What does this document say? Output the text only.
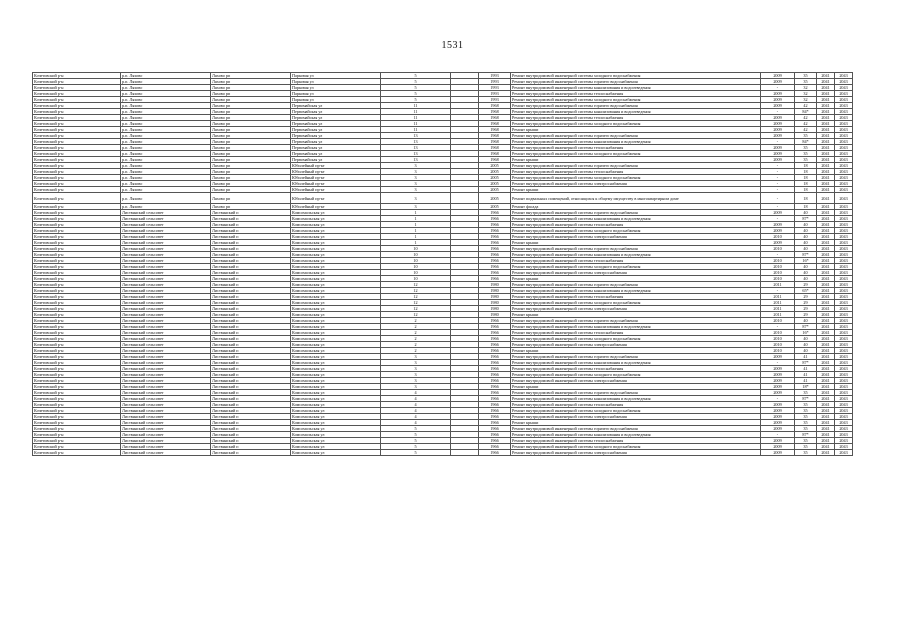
1531
Кочетовский р-н	р.п. Ляхово	Ляхово рп	Парковая ул	5		1993	Ремонт внутридомовой инженерной системы холодного водоснабжения	2009	35	2041	2043
Кочетовский р-н	р.п. Ляхово	Ляхово рп	Парковая ул	5		1993	Ремонт внутридомовой инженерной системы горячего водоснабжения	2009	35	2041	2043
Кочетовский р-н	р.п. Ляхово	Ляхово рп	Парковая ул	5		1993	Ремонт внутридомовой инженерной системы канализования и водоотведения	-	32	2041	2043
Кочетовский р-н	р.п. Ляхово	Ляхово рп	Парковая ул	5		1993	Ремонт внутридомовой инженерной системы теплоснабжения	2009	32	2041	2043
Кочетовский р-н	р.п. Ляхово	Ляхово рп	Парковая ул	5		1993	Ремонт внутридомовой инженерной системы холодного водоснабжения	2009	32	2041	2043
Кочетовский р-н	р.п. Ляхово	Ляхово рп	Первомайская ул	11		1968	Ремонт внутридомовой инженерной системы горячего водоснабжения	2009	42	2041	2043
Кочетовский р-н	р.п. Ляхово	Ляхово рп	Первомайская ул	11		1968	Ремонт внутридомовой инженерной системы канализования и водоотведения	-	84*	2041	2043
Кочетовский р-н	р.п. Ляхово	Ляхово рп	Первомайская ул	11		1968	Ремонт внутридомовой инженерной системы теплоснабжения	2009	42	2041	2043
Кочетовский р-н	р.п. Ляхово	Ляхово рп	Первомайская ул	11		1968	Ремонт внутридомовой инженерной системы холодного водоснабжения	2009	42	2041	2043
Кочетовский р-н	р.п. Ляхово	Ляхово рп	Первомайская ул	11		1968	Ремонт крыши	2009	42	2041	2043
Кочетовский р-н	р.п. Ляхово	Ляхово рп	Первомайская ул	13		1968	Ремонт внутридомовой инженерной системы горячего водоснабжения	2009	35	2041	2043
Кочетовский р-н	р.п. Ляхово	Ляхово рп	Первомайская ул	13		1968	Ремонт внутридомовой инженерной системы канализования и водоотведения	-	84*	2041	2043
Кочетовский р-н	р.п. Ляхово	Ляхово рп	Первомайская ул	13		1968	Ремонт внутридомовой инженерной системы теплоснабжения	2009	35	2041	2043
Кочетовский р-н	р.п. Ляхово	Ляхово рп	Первомайская ул	13		1968	Ремонт внутридомовой инженерной системы холодного водоснабжения	2009	35	2041	2043
Кочетовский р-н	р.п. Ляхово	Ляхово рп	Первомайская ул	13		1968	Ремонт крыши	2009	35	2041	2043
Кочетовский р-н	р.п. Ляхово	Ляхово рп	Юбилейный пр-кт	3		2005	Ремонт внутридомовой инженерной системы горячего водоснабжения	-	18	2041	2043
Кочетовский р-н	р.п. Ляхово	Ляхово рп	Юбилейный пр-кт	3		2005	Ремонт внутридомовой инженерной системы теплоснабжения	-	18	2041	2043
Кочетовский р-н	р.п. Ляхово	Ляхово рп	Юбилейный пр-кт	3		2005	Ремонт внутридомовой инженерной системы холодного водоснабжения	-	18	2041	2043
Кочетовский р-н	р.п. Ляхово	Ляхово рп	Юбилейный пр-кт	3		2005	Ремонт внутридомовой инженерной системы электроснабжения	-	18	2041	2043
Кочетовский р-н	р.п. Ляхово	Ляхово рп	Юбилейный пр-кт	3		2005	Ремонт крыши	-	18	2041	2043
Кочетовский р-н	р.п. Ляхово	Ляхово рп	Юбилейный пр-кт	3		2005	Ремонт подвальных помещений, относящихся к общему имуществу в многоквартирном доме	-	18	2041	2043
Кочетовский р-н	р.п. Ляхово	Ляхово рп	Юбилейный пр-кт	3		2005	Ремонт фасада	-	18	2041	2043
Кочетовский р-н	Листвянский сельсовет	Листвянский п	Комсомольская ул	1		1966	Ремонт внутридомовой инженерной системы горячего водоснабжения	2009	40	2041	2043
Кочетовский р-н	Листвянский сельсовет	Листвянский п	Комсомольская ул	1		1966	Ремонт внутридомовой инженерной системы канализования и водоотведения	-	87*	2041	2043
Кочетовский р-н	Листвянский сельсовет	Листвянский п	Комсомольская ул	1		1966	Ремонт внутридомовой инженерной системы теплоснабжения	2009	40	2041	2043
Кочетовский р-н	Листвянский сельсовет	Листвянский п	Комсомольская ул	1		1966	Ремонт внутридомовой инженерной системы холодного водоснабжения	2009	40	2041	2043
Кочетовский р-н	Листвянский сельсовет	Листвянский п	Комсомольская ул	1		1966	Ремонт внутридомовой инженерной системы электроснабжения	2010	40	2041	2043
Кочетовский р-н	Листвянский сельсовет	Листвянский п	Комсомольская ул	1		1966	Ремонт крыши	2009	40	2041	2043
Кочетовский р-н	Листвянский сельсовет	Листвянский п	Комсомольская ул	10		1966	Ремонт внутридомовой инженерной системы горячего водоснабжения	2010	40	2041	2043
Кочетовский р-н	Листвянский сельсовет	Листвянский п	Комсомольская ул	10		1966	Ремонт внутридомовой инженерной системы канализования и водоотведения	-	87*	2041	2043
Кочетовский р-н	Листвянский сельсовет	Листвянский п	Комсомольская ул	10		1966	Ремонт внутридомовой инженерной системы теплоснабжения	2010	16*	2041	2043
Кочетовский р-н	Листвянский сельсовет	Листвянский п	Комсомольская ул	10		1966	Ремонт внутридомовой инженерной системы холодного водоснабжения	2010	40	2041	2043
Кочетовский р-н	Листвянский сельсовет	Листвянский п	Комсомольская ул	10		1966	Ремонт внутридомовой инженерной системы электроснабжения	2010	40	2041	2043
Кочетовский р-н	Листвянский сельсовет	Листвянский п	Комсомольская ул	10		1966	Ремонт крыши	2010	40	2041	2043
Кочетовский р-н	Листвянский сельсовет	Листвянский п	Комсомольская ул	12		1980	Ремонт внутридомовой инженерной системы горячего водоснабжения	2011	29	2041	2043
Кочетовский р-н	Листвянский сельсовет	Листвянский п	Комсомольская ул	12		1980	Ремонт внутридомовой инженерной системы канализования и водоотведения	-	65*	2041	2043
Кочетовский р-н	Листвянский сельсовет	Листвянский п	Комсомольская ул	12		1980	Ремонт внутридомовой инженерной системы теплоснабжения	2011	29	2041	2043
Кочетовский р-н	Листвянский сельсовет	Листвянский п	Комсомольская ул	12		1980	Ремонт внутридомовой инженерной системы холодного водоснабжения	2011	29	2041	2043
Кочетовский р-н	Листвянский сельсовет	Листвянский п	Комсомольская ул	12		1980	Ремонт внутридомовой инженерной системы электроснабжения	2011	29	2041	2043
Кочетовский р-н	Листвянский сельсовет	Листвянский п	Комсомольская ул	12		1980	Ремонт крыши	2011	29	2041	2043
Кочетовский р-н	Листвянский сельсовет	Листвянский п	Комсомольская ул	2		1966	Ремонт внутридомовой инженерной системы горячего водоснабжения	2010	40	2041	2043
Кочетовский р-н	Листвянский сельсовет	Листвянский п	Комсомольская ул	2		1966	Ремонт внутридомовой инженерной системы канализования и водоотведения	-	87*	2041	2043
Кочетовский р-н	Листвянский сельсовет	Листвянский п	Комсомольская ул	2		1966	Ремонт внутридомовой инженерной системы теплоснабжения	2010	16*	2041	2043
Кочетовский р-н	Листвянский сельсовет	Листвянский п	Комсомольская ул	2		1966	Ремонт внутридомовой инженерной системы холодного водоснабжения	2010	40	2041	2043
Кочетовский р-н	Листвянский сельсовет	Листвянский п	Комсомольская ул	2		1966	Ремонт внутридомовой инженерной системы электроснабжения	2010	40	2041	2043
Кочетовский р-н	Листвянский сельсовет	Листвянский п	Комсомольская ул	2		1966	Ремонт крыши	2010	40	2041	2043
Кочетовский р-н	Листвянский сельсовет	Листвянский п	Комсомольская ул	3		1966	Ремонт внутридомовой инженерной системы горячего водоснабжения	2009	41	2041	2043
Кочетовский р-н	Листвянский сельсовет	Листвянский п	Комсомольская ул	3		1966	Ремонт внутридомовой инженерной системы канализования и водоотведения	-	87*	2041	2043
Кочетовский р-н	Листвянский сельсовет	Листвянский п	Комсомольская ул	3		1966	Ремонт внутридомовой инженерной системы теплоснабжения	2009	41	2041	2043
Кочетовский р-н	Листвянский сельсовет	Листвянский п	Комсомольская ул	3		1966	Ремонт внутридомовой инженерной системы холодного водоснабжения	2009	41	2041	2043
Кочетовский р-н	Листвянский сельсовет	Листвянский п	Комсомольская ул	3		1966	Ремонт внутридомовой инженерной системы электроснабжения	2009	41	2041	2043
Кочетовский р-н	Листвянский сельсовет	Листвянский п	Комсомольская ул	3		1966	Ремонт крыши	2009	18*	2041	2043
Кочетовский р-н	Листвянский сельсовет	Листвянский п	Комсомольская ул	4		1966	Ремонт внутридомовой инженерной системы горячего водоснабжения	2009	35	2041	2043
Кочетовский р-н	Листвянский сельсовет	Листвянский п	Комсомольская ул	4		1966	Ремонт внутридомовой инженерной системы канализования и водоотведения	-	87*	2041	2043
Кочетовский р-н	Листвянский сельсовет	Листвянский п	Комсомольская ул	4		1966	Ремонт внутридомовой инженерной системы теплоснабжения	2009	35	2041	2043
Кочетовский р-н	Листвянский сельсовет	Листвянский п	Комсомольская ул	4		1966	Ремонт внутридомовой инженерной системы холодного водоснабжения	2009	35	2041	2043
Кочетовский р-н	Листвянский сельсовет	Листвянский п	Комсомольская ул	4		1966	Ремонт внутридомовой инженерной системы электроснабжения	2009	35	2041	2043
Кочетовский р-н	Листвянский сельсовет	Листвянский п	Комсомольская ул	4		1966	Ремонт крыши	2009	35	2041	2043
Кочетовский р-н	Листвянский сельсовет	Листвянский п	Комсомольская ул	5		1966	Ремонт внутридомовой инженерной системы горячего водоснабжения	2009	35	2041	2043
Кочетовский р-н	Листвянский сельсовет	Листвянский п	Комсомольская ул	5		1966	Ремонт внутридомовой инженерной системы канализования и водоотведения	-	87*	2041	2043
Кочетовский р-н	Листвянский сельсовет	Листвянский п	Комсомольская ул	5		1966	Ремонт внутридомовой инженерной системы теплоснабжения	2009	35	2041	2043
Кочетовский р-н	Листвянский сельсовет	Листвянский п	Комсомольская ул	5		1966	Ремонт внутридомовой инженерной системы холодного водоснабжения	2009	35	2041	2043
Кочетовский р-н	Листвянский сельсовет	Листвянский п	Комсомольская ул	5		1966	Ремонт внутридомовой инженерной системы электроснабжения	2009	35	2041	2043
